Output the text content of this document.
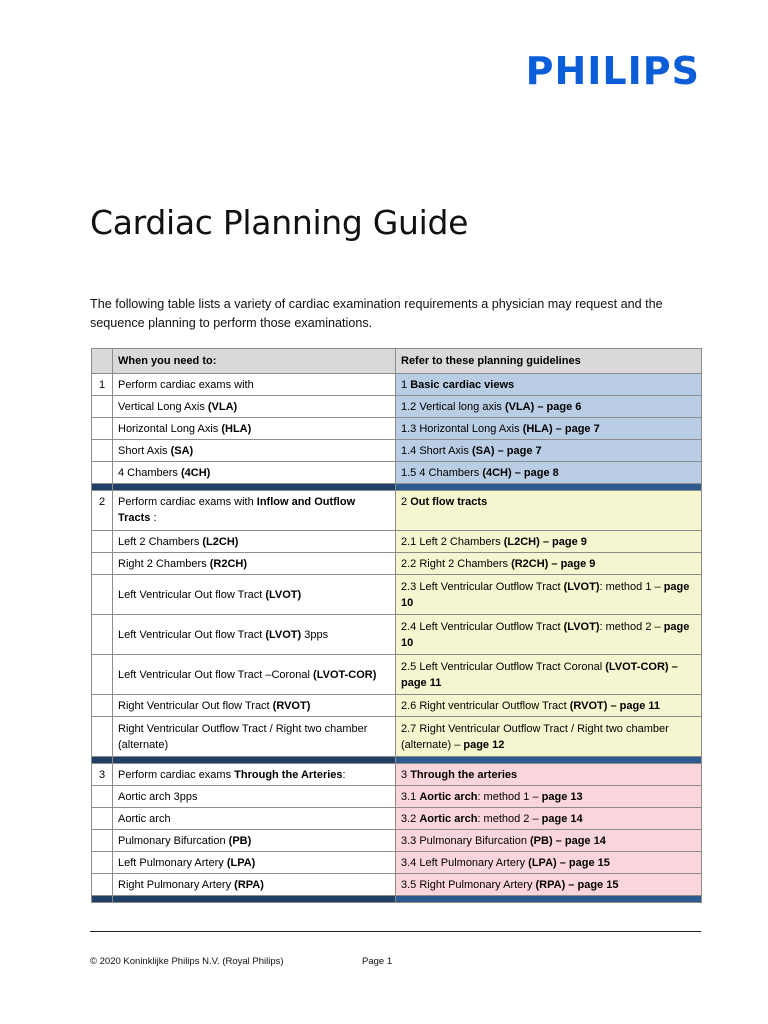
PHILIPS
Cardiac Planning Guide

The following table lists a variety of cardiac examination requirements a physician may request and the sequence planning to perform those examinations.

	When you need to:	Refer to these planning guidelines
1	Perform cardiac exams with	1 Basic cardiac views
	Vertical Long Axis (VLA)	1.2 Vertical long axis (VLA) – page 6
	Horizontal Long Axis (HLA)	1.3 Horizontal Long Axis (HLA) – page 7
	Short Axis (SA)	1.4 Short Axis (SA) – page 7
	4 Chambers (4CH)	1.5 4 Chambers (4CH) – page 8

2	Perform cardiac exams with Inflow and Outflow Tracts :	2 Out flow tracts
	Left 2 Chambers (L2CH)	2.1 Left 2 Chambers (L2CH) – page 9
	Right 2 Chambers (R2CH)	2.2 Right 2 Chambers (R2CH) – page 9
	Left Ventricular Out flow Tract (LVOT)	2.3 Left Ventricular Outflow Tract (LVOT): method 1 – page 10
	Left Ventricular Out flow Tract (LVOT) 3pps	2.4 Left Ventricular Outflow Tract (LVOT): method 2 – page 10
	Left Ventricular Out flow Tract –Coronal (LVOT-COR)	2.5 Left Ventricular Outflow Tract Coronal (LVOT-COR) – page 11
	Right Ventricular Out flow Tract (RVOT)	2.6 Right ventricular Outflow Tract (RVOT) – page 11
	Right Ventricular Outflow Tract / Right two chamber (alternate)	2.7 Right Ventricular Outflow Tract / Right two chamber (alternate) – page 12

3	Perform cardiac exams Through the Arteries:	3 Through the arteries
	Aortic arch 3pps	3.1 Aortic arch: method 1 – page 13
	Aortic arch	3.2 Aortic arch: method 2 – page 14
	Pulmonary Bifurcation (PB)	3.3 Pulmonary Bifurcation (PB) – page 14
	Left Pulmonary Artery (LPA)	3.4 Left Pulmonary Artery (LPA) – page 15
	Right Pulmonary Artery (RPA)	3.5 Right Pulmonary Artery (RPA) – page 15

© 2020 Koninklijke Philips N.V. (Royal Philips)	Page 1
